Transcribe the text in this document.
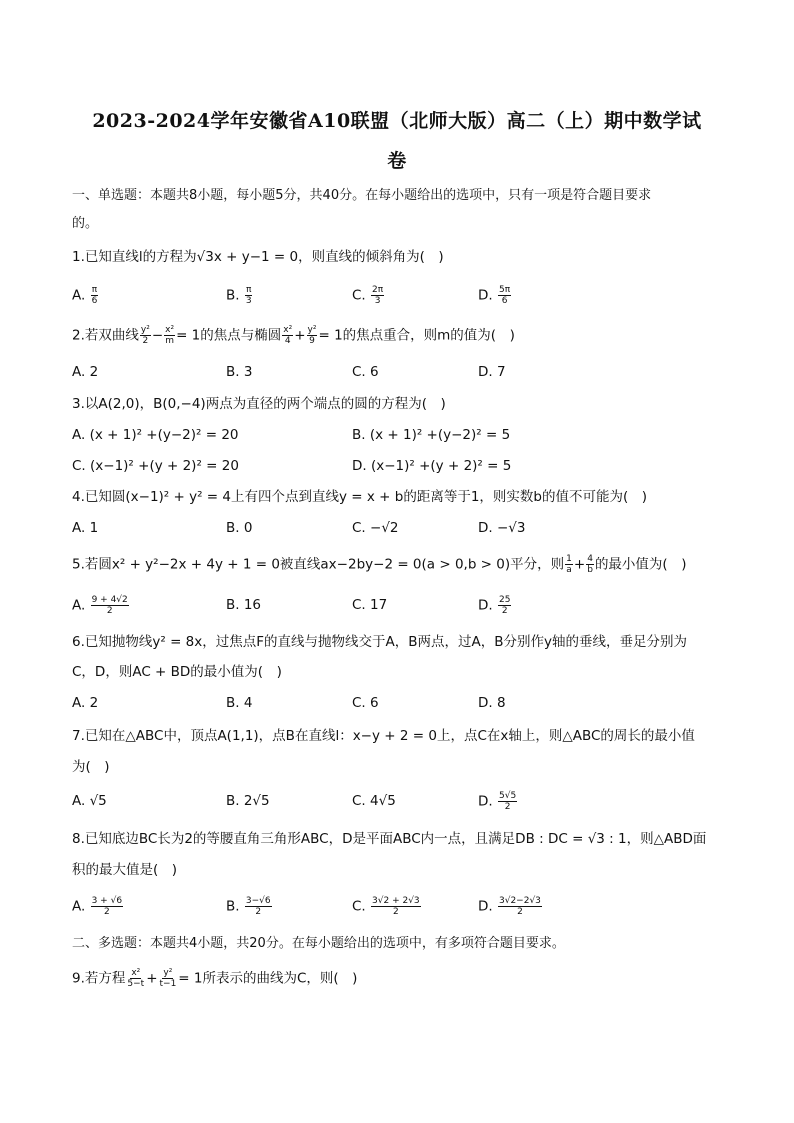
2023-2024学年安徽省A10联盟（北师大版）高二（上）期中数学试
卷
一、单选题：本题共8小题，每小题5分，共40分。在每小题给出的选项中，只有一项是符合题目要求
的。
1.已知直线l的方程为√3x + y−1 = 0，则直线的倾斜角为(　)
A. $\frac{\pi}{6}$	B. $\frac{\pi}{3}$	C. $\frac{2\pi}{3}$	D. $\frac{5\pi}{6}$
2.若双曲线 $\frac{\text{y²}}{2} - \frac{\text{x²}}{m} = 1$的焦点与椭圆 $\frac{\text{x²}}{4} + \frac{\text{y²}}{9} = 1$的焦点重合，则m的值为(　)
A. 2	B. 3	C. 6	D. 7
3.以A(2,0)，B(0,−4)两点为直径的两个端点的圆的方程为(　)
A. (x + 1)² +(y−2)² = 20	B. (x + 1)² +(y−2)² = 5
C. (x−1)² +(y + 2)² = 20	D. (x−1)² +(y + 2)² = 5
4.已知圆(x−1)² + y² = 4上有四个点到直线y = x + b的距离等于1，则实数b的值不可能为(　)
A. 1	B. 0	C. −√2	D. −√3
5.若圆x² + y²−2x + 4y + 1 = 0被直线ax−2by−2 = 0(a > 0,b > 0)平分，则 $\frac{1}{a} + \frac{4}{b}$ 的最小值为(　)
A. $\frac{9 + 4√2}{2}$	B. 16	C. 17	D. $\frac{25}{2}$
6.已知抛物线y² = 8x，过焦点F的直线与抛物线交于A，B两点，过A，B分别作y轴的垂线，垂足分别为
C，D，则AC + BD的最小值为(　)
A. 2	B. 4	C. 6	D. 8
7.已知在△ABC中，顶点A(1,1)，点B在直线l：x−y + 2 = 0上，点C在x轴上，则△ABC的周长的最小值
为(　)
A. √5	B. 2√5	C. 4√5	D. $\frac{5√5}{2}$
8.已知底边BC长为2的等腰直角三角形ABC，D是平面ABC内一点，且满足DB : DC = √3 : 1，则△ABD面
积的最大值是(　)
A. $\frac{3 + √6}{2}$	B. $\frac{3-√6}{2}$	C. $\frac{3√2 + 2√3}{2}$	D. $\frac{3√2-2√3}{2}$
二、多选题：本题共4小题，共20分。在每小题给出的选项中，有多项符合题目要求。
9.若方程 $\frac{\text{x²}}{5-t} + \frac{\text{y²}}{t-1} = 1$所表示的曲线为C，则(　)
